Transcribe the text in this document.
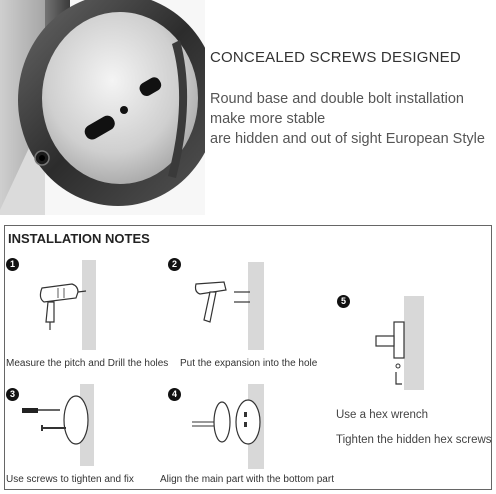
CONCEALED SCREWS DESIGNED
Round base and double bolt installation
make more stable
are hidden and out of sight European Style
INSTALLATION NOTES
1
Measure the pitch and Drill the holes
2
Put the expansion into the hole
3
Use screws to tighten and fix
4
Align the main part with the bottom part
5
Use a hex wrench
Tighten the hidden hex screws
